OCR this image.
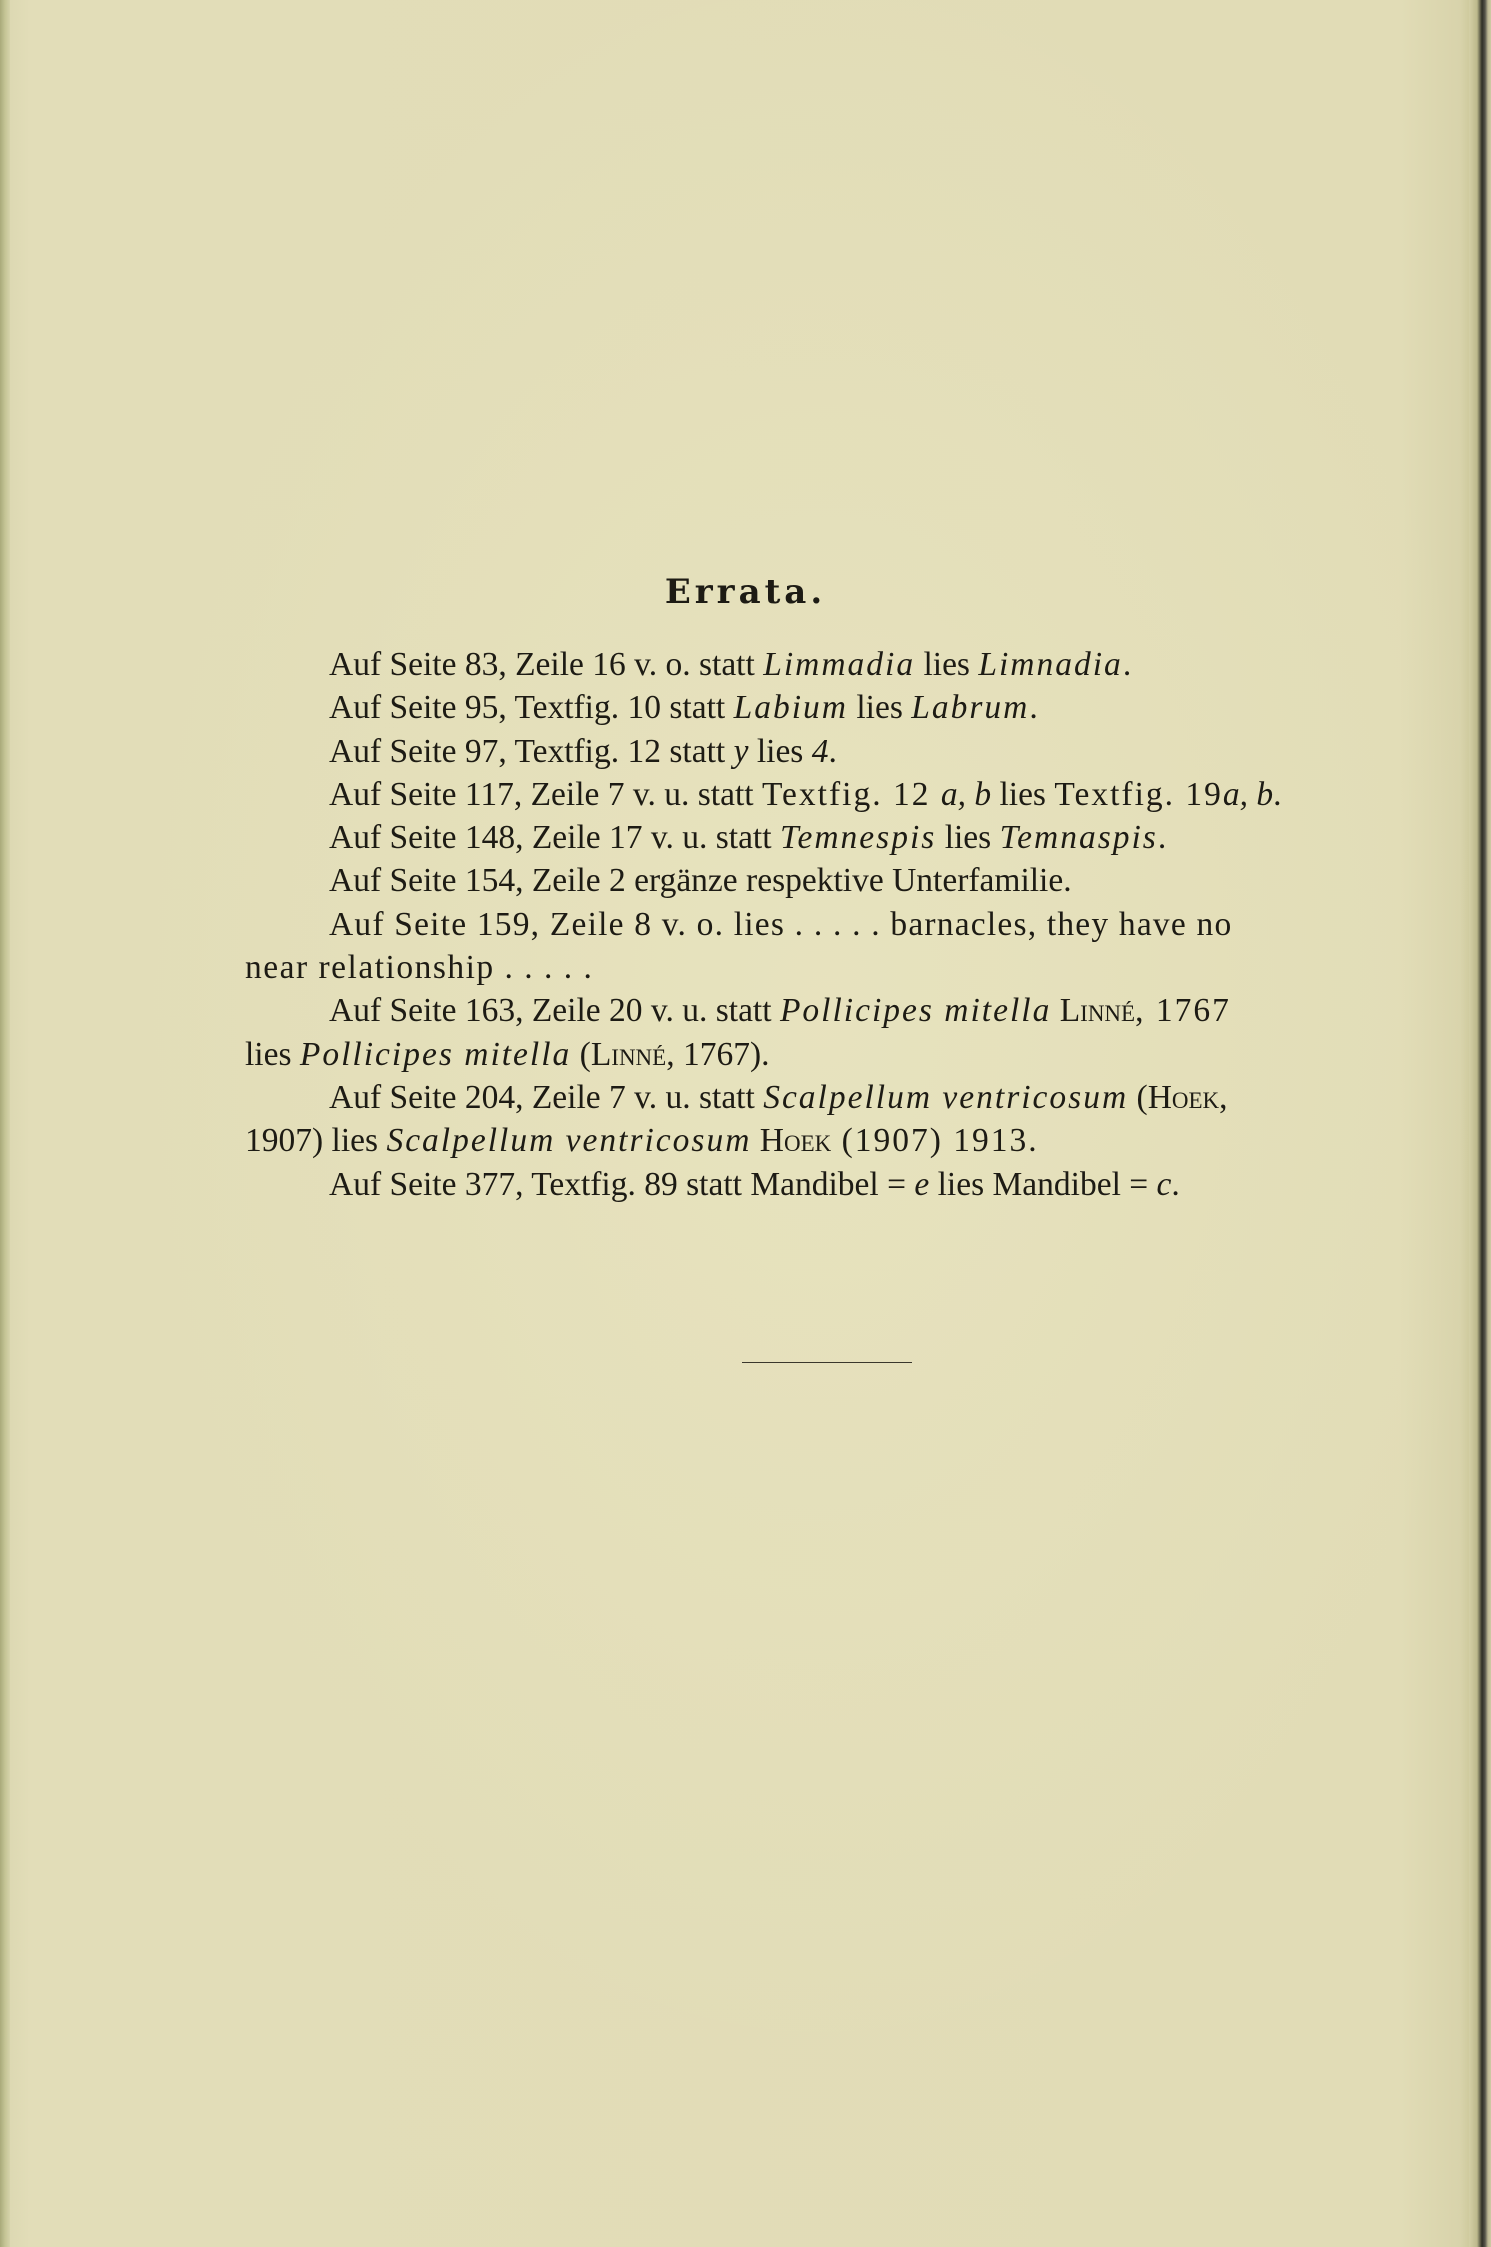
Errata.
Auf Seite 83, Zeile 16 v. o. statt Limmadia lies Limnadia.
Auf Seite 95, Textfig. 10 statt Labium lies Labrum.
Auf Seite 97, Textfig. 12 statt y lies 4.
Auf Seite 117, Zeile 7 v. u. statt Textfig. 12 a, b lies Textfig. 19a, b.
Auf Seite 148, Zeile 17 v. u. statt Temnespis lies Temnaspis.
Auf Seite 154, Zeile 2 ergänze respektive Unterfamilie.
Auf Seite 159, Zeile 8 v. o. lies . . . . . barnacles, they have no
near relationship . . . . .
Auf Seite 163, Zeile 20 v. u. statt Pollicipes mitella Linné, 1767
lies Pollicipes mitella (Linné, 1767).
Auf Seite 204, Zeile 7 v. u. statt Scalpellum ventricosum (Hoek,
1907) lies Scalpellum ventricosum Hoek (1907) 1913.
Auf Seite 377, Textfig. 89 statt Mandibel = e lies Mandibel = c.
